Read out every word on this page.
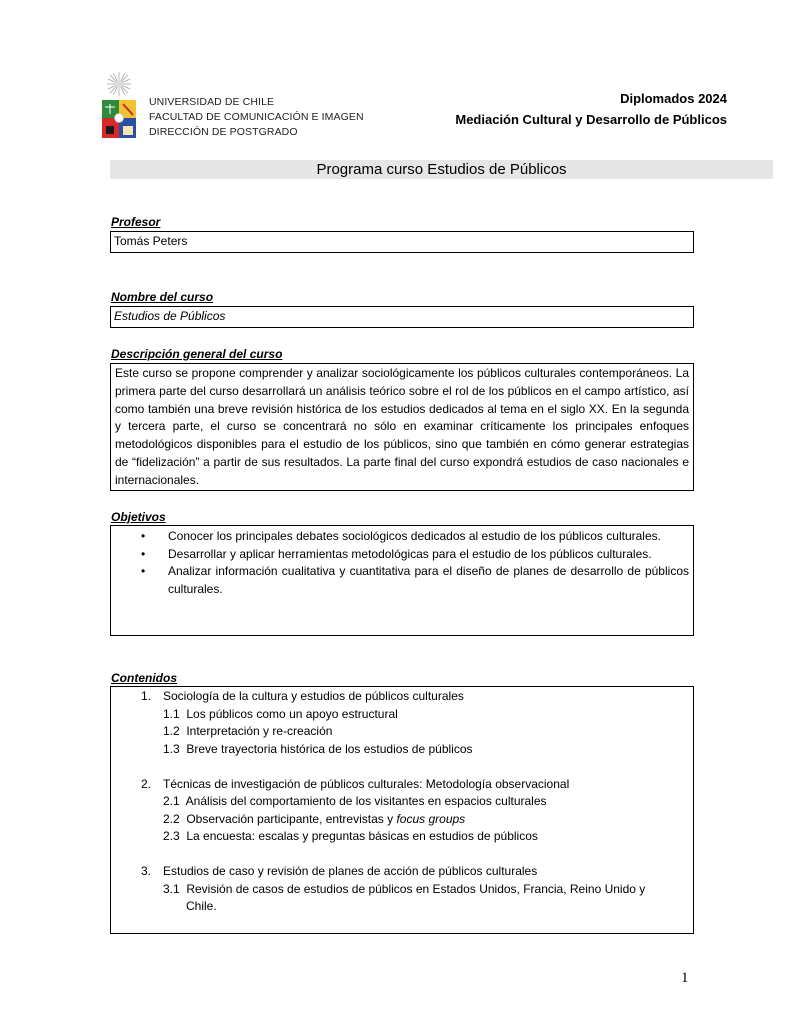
UNIVERSIDAD DE CHILE
FACULTAD DE COMUNICACIÓN E IMAGEN
DIRECCIÓN DE POSTGRADO
Diplomados 2024
Mediación Cultural y Desarrollo de Públicos
Programa curso Estudios de Públicos
Profesor
Tomás Peters
Nombre del curso
Estudios de Públicos
Descripción general del curso
Este curso se propone comprender y analizar sociológicamente los públicos culturales contemporáneos. La primera parte del curso desarrollará un análisis teórico sobre el rol de los públicos en el campo artístico, así como también una breve revisión histórica de los estudios dedicados al tema en el siglo XX. En la segunda y tercera parte, el curso se concentrará no sólo en examinar críticamente los principales enfoques metodológicos disponibles para el estudio de los públicos, sino que también en cómo generar estrategias de “fidelización” a partir de sus resultados. La parte final del curso expondrá estudios de caso nacionales e internacionales.
Objetivos
• Conocer los principales debates sociológicos dedicados al estudio de los públicos culturales.
• Desarrollar y aplicar herramientas metodológicas para el estudio de los públicos culturales.
• Analizar información cualitativa y cuantitativa para el diseño de planes de desarrollo de públicos culturales.
Contenidos
1. Sociología de la cultura y estudios de públicos culturales
1.1 Los públicos como un apoyo estructural
1.2 Interpretación y re-creación
1.3 Breve trayectoria histórica de los estudios de públicos
2. Técnicas de investigación de públicos culturales: Metodología observacional
2.1 Análisis del comportamiento de los visitantes en espacios culturales
2.2 Observación participante, entrevistas y focus groups
2.3 La encuesta: escalas y preguntas básicas en estudios de públicos
3. Estudios de caso y revisión de planes de acción de públicos culturales
3.1 Revisión de casos de estudios de públicos en Estados Unidos, Francia, Reino Unido y
Chile.
1
